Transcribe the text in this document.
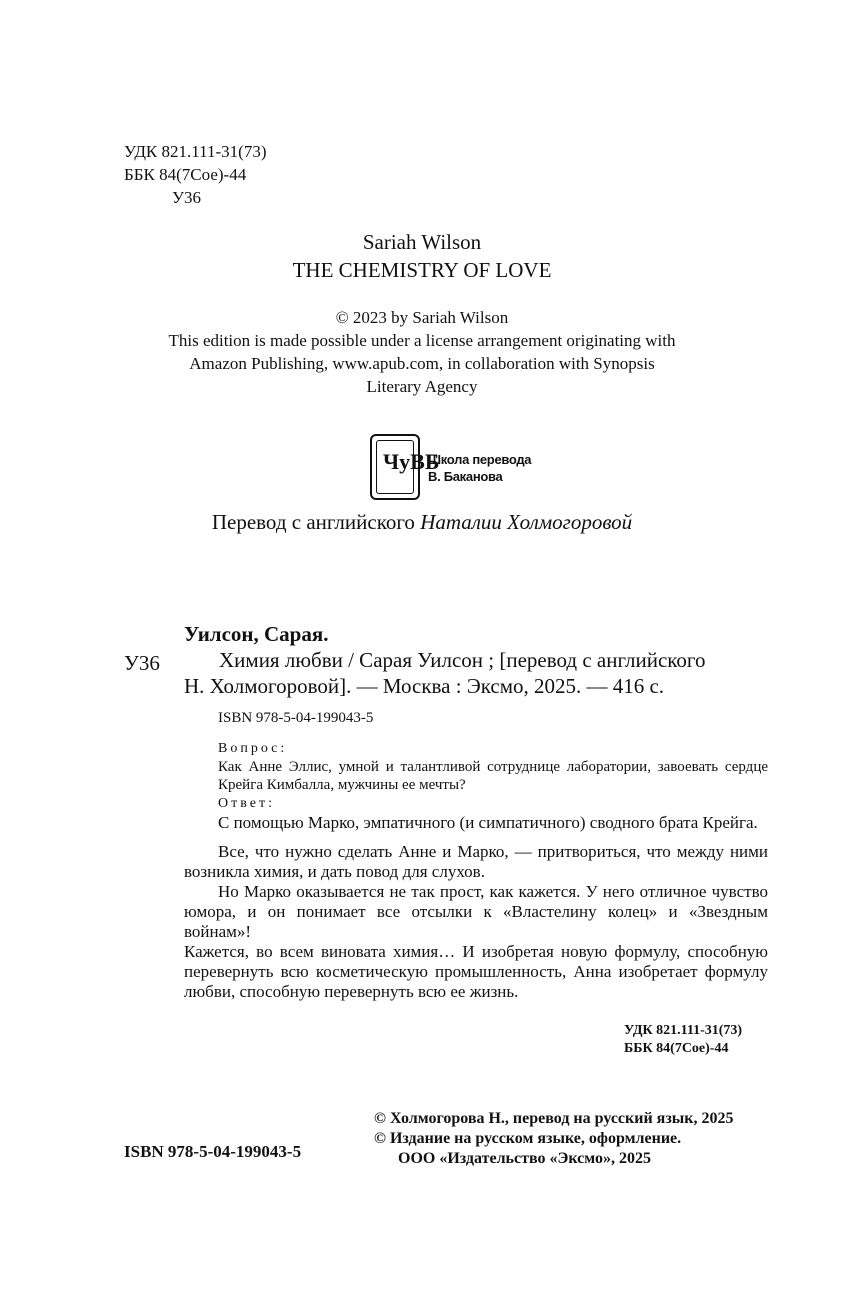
УДК 821.111-31(73)
ББК 84(7Сое)-44
У36
Sariah Wilson
THE CHEMISTRY OF LOVE
© 2023 by Sariah Wilson
This edition is made possible under a license arrangement originating with
Amazon Publishing, www.apub.com, in collaboration with Synopsis
Literary Agency
ЧуВБ
Школа перевода
В. Баканова
Перевод с английского Наталии Холмогоровой
Уилсон, Сарая.
У36	Химия любви / Сарая Уилсон ; [перевод с английского
Н. Холмогоровой]. — Москва : Эксмо, 2025. — 416 с.
ISBN 978-5-04-199043-5

Вопрос:

Как Анне Эллис, умной и талантливой сотруднице лаборатории, завоевать сердце Крейга Кимбалла, мужчины ее мечты?

Ответ:

С помощью Марко, эмпатичного (и симпатичного) сводного брата Крейга.

Все, что нужно сделать Анне и Марко, — притвориться, что между ними возникла химия, и дать повод для слухов.

Но Марко оказывается не так прост, как кажется. У него отличное чувство юмора, и он понимает все отсылки к «Властелину колец» и «Звездным войнам»!

Кажется, во всем виновата химия… И изобретая новую формулу, способную перевернуть всю косметическую промышленность, Анна изобретает формулу любви, способную перевернуть всю ее жизнь.

УДК 821.111-31(73)
ББК 84(7Сое)-44
© Холмогорова Н., перевод на русский язык, 2025
© Издание на русском языке, оформление.
ООО «Издательство «Эксмо», 2025
ISBN 978-5-04-199043-5
